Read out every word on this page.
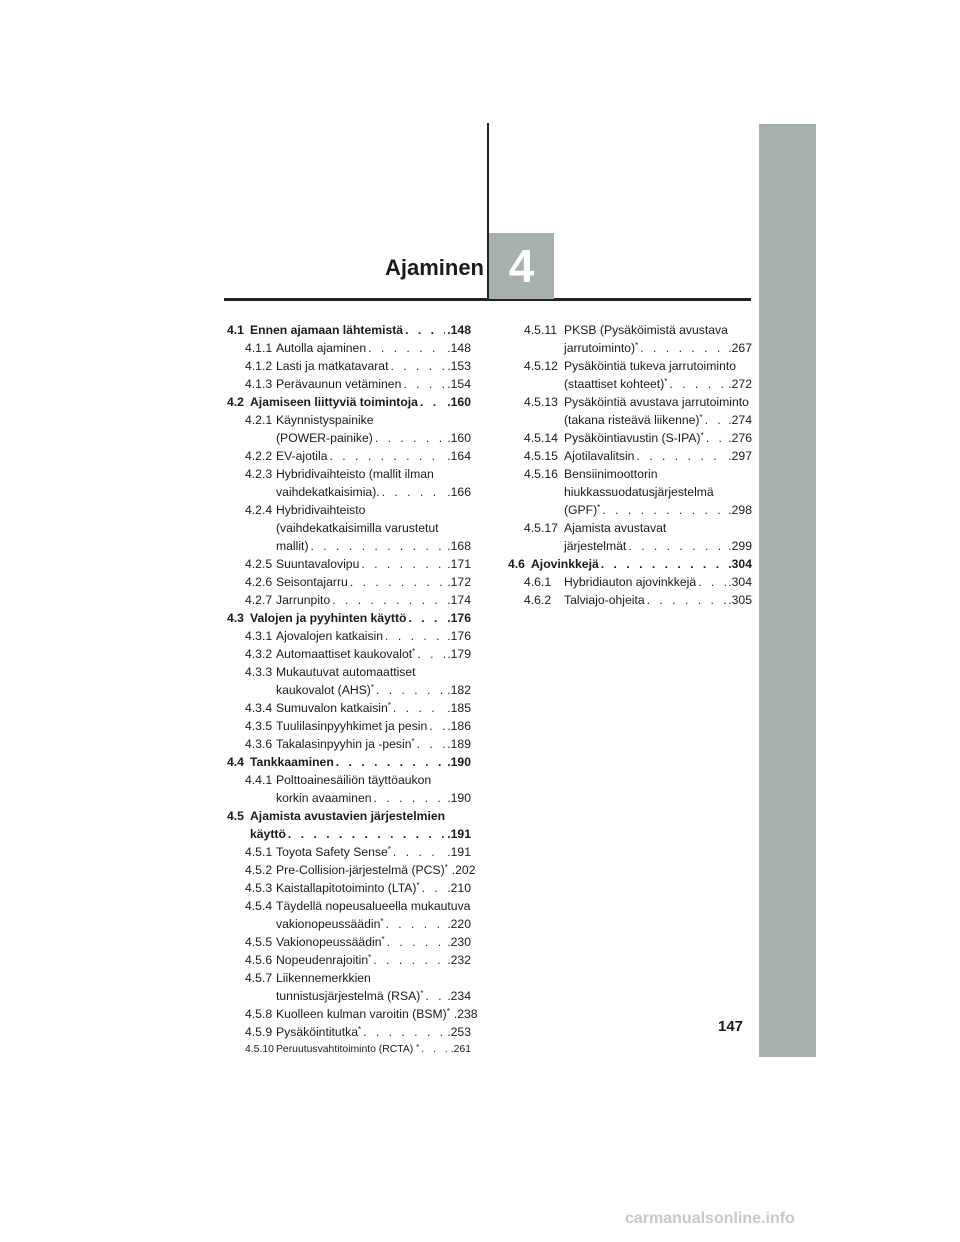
4
Ajaminen
4.1 Ennen ajamaan lähtemistä . . .	.148
4.1.1 Autolla ajaminen . . .	.148
4.1.2 Lasti ja matkatavarat . . .	.153
4.1.3 Perävaunun vetäminen . . .	.154
4.2 Ajamiseen liittyviä toimintoja . . . .160
4.2.1 Käynnistyspainike
(POWER-painike) . . .	.160
4.2.2 EV-ajotila . . .	.164
4.2.3 Hybridivaihteisto (mallit ilman
vaihdekatkaisimia). . . .	.166
4.2.4 Hybridivaihteisto
(vaihdekatkaisimilla varustetut
mallit) . . .	.168
4.2.5 Suuntavalovipu . . .	.171
4.2.6 Seisontajarru . . .	.172
4.2.7 Jarrunpito . . .	.174
4.3 Valojen ja pyyhinten käyttö . . .	.176
4.3.1 Ajovalojen katkaisin . . .	.176
4.3.2 Automaattiset kaukovalot* . . .	.179
4.3.3 Mukautuvat automaattiset
kaukovalot (AHS)* . . .	.182
4.3.4 Sumuvalon katkaisin* . . .	.185
4.3.5 Tuulilasinpyyhkimet ja pesin . . . .186
4.3.6 Takalasinpyyhin ja -pesin* . . .	.189
4.4 Tankkaaminen . . .	.190
4.4.1 Polttoainesäiliön täyttöaukon
korkin avaaminen . . .	.190
4.5 Ajamista avustavien järjestelmien
käyttö . . .	.191
4.5.1 Toyota Safety Sense* . . .	.191
4.5.2 Pre-Collision-järjestelmä (PCS)* .202
4.5.3 Kaistallapitotoiminto (LTA)* . . . .210
4.5.4 Täydellä nopeusalueella mukautuva
vakionopeussäädin* . . .	.220
4.5.5 Vakionopeussäädin* . . .	.230
4.5.6 Nopeudenrajoitin* . . .	.232
4.5.7 Liikennemerkkien
tunnistusjärjestelmä (RSA)* . . . .234
4.5.8 Kuolleen kulman varoitin (BSM)* .238
4.5.9 Pysäköintitutka* . . .	.253
4.5.10 Peruutusvahtitoiminto (RCTA) * . . .	.261
4.5.11 PKSB (Pysäköimistä avustava
jarrutoiminto)* . . .	.267
4.5.12 Pysäköintiä tukeva jarrutoiminto
(staattiset kohteet)* . . .	.272
4.5.13 Pysäköintiä avustava jarrutoiminto
(takana risteävä liikenne)* . . . .274
4.5.14 Pysäköintiavustin (S-IPA)* . . . .276
4.5.15 Ajotilavalitsin . . .	.297
4.5.16 Bensiinimoottorin
hiukkassuodatusjärjestelmä
(GPF)* . . .	.298
4.5.17 Ajamista avustavat
järjestelmät . . .	.299
4.6 Ajovinkkejä . . .	.304
4.6.1	Hybridiauton ajovinkkejä . . .	.304
4.6.2	Talviajo-ohjeita . . .	.305
147
carmanualsonline.info
